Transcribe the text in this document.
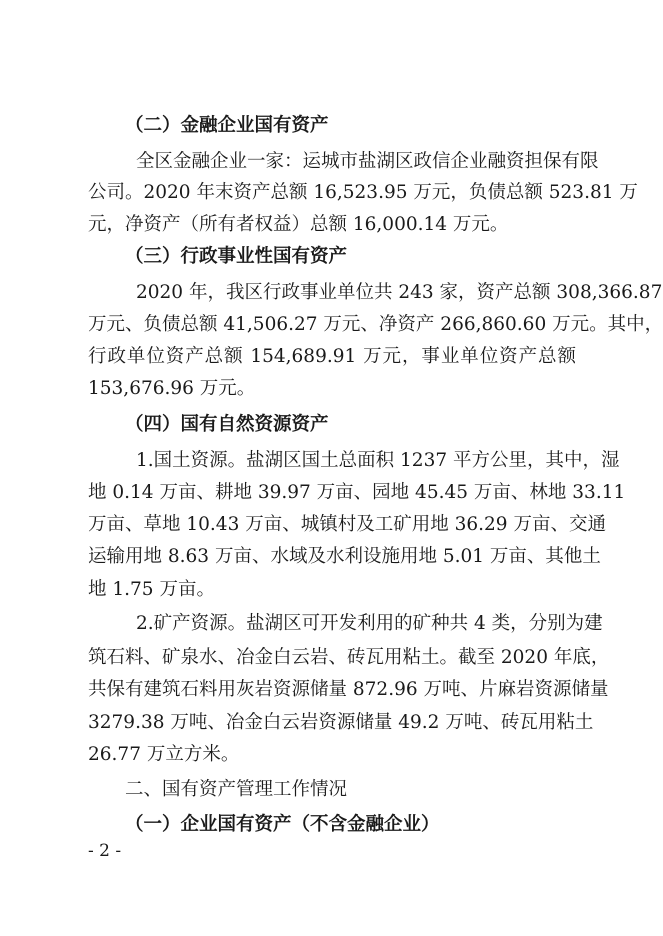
（二）金融企业国有资产
全区金融企业一家：运城市盐湖区政信企业融资担保有限
公司。2020 年末资产总额 16,523.95 万元，负债总额 523.81 万
元，净资产（所有者权益）总额 16,000.14 万元。
（三）行政事业性国有资产
2020 年，我区行政事业单位共 243 家，资产总额 308,366.87
万元、负债总额 41,506.27 万元、净资产 266,860.60 万元。其中，
行政单位资产总额 154,689.91 万元，事业单位资产总额
153,676.96 万元。
（四）国有自然资源资产
1.国土资源。盐湖区国土总面积 1237 平方公里，其中，湿
地 0.14 万亩、耕地 39.97 万亩、园地 45.45 万亩、林地 33.11
万亩、草地 10.43 万亩、城镇村及工矿用地 36.29 万亩、交通
运输用地 8.63 万亩、水域及水利设施用地 5.01 万亩、其他土
地 1.75 万亩。
2.矿产资源。盐湖区可开发利用的矿种共 4 类，分别为建
筑石料、矿泉水、冶金白云岩、砖瓦用粘土。截至 2020 年底，
共保有建筑石料用灰岩资源储量 872.96 万吨、片麻岩资源储量
3279.38 万吨、冶金白云岩资源储量 49.2 万吨、砖瓦用粘土
26.77 万立方米。
二、国有资产管理工作情况
（一）企业国有资产（不含金融企业）
- 2 -
